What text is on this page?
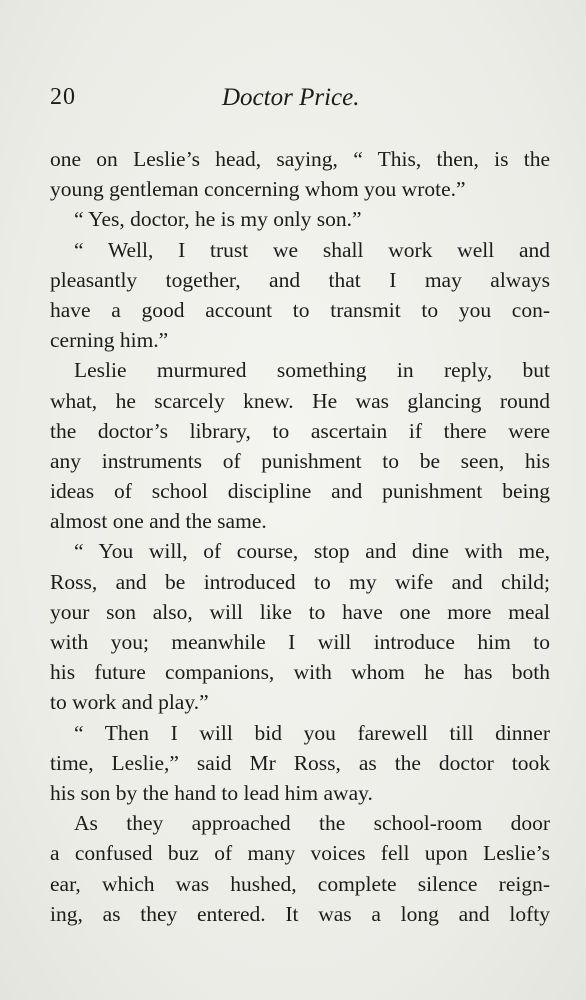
20	Doctor Price.
one on Leslie’s head, saying, “ This, then, is the
young gentleman concerning whom you wrote.”
“ Yes, doctor, he is my only son.”
“ Well, I trust we shall work well and
pleasantly together, and that I may always
have a good account to transmit to you con-
cerning him.”
Leslie murmured something in reply, but
what, he scarcely knew. He was glancing round
the doctor’s library, to ascertain if there were
any instruments of punishment to be seen, his
ideas of school discipline and punishment being
almost one and the same.
“ You will, of course, stop and dine with me,
Ross, and be introduced to my wife and child;
your son also, will like to have one more meal
with you; meanwhile I will introduce him to
his future companions, with whom he has both
to work and play.”
“ Then I will bid you farewell till dinner
time, Leslie,” said Mr Ross, as the doctor took
his son by the hand to lead him away.
As they approached the school-room door
a confused buz of many voices fell upon Leslie’s
ear, which was hushed, complete silence reign-
ing, as they entered. It was a long and lofty
